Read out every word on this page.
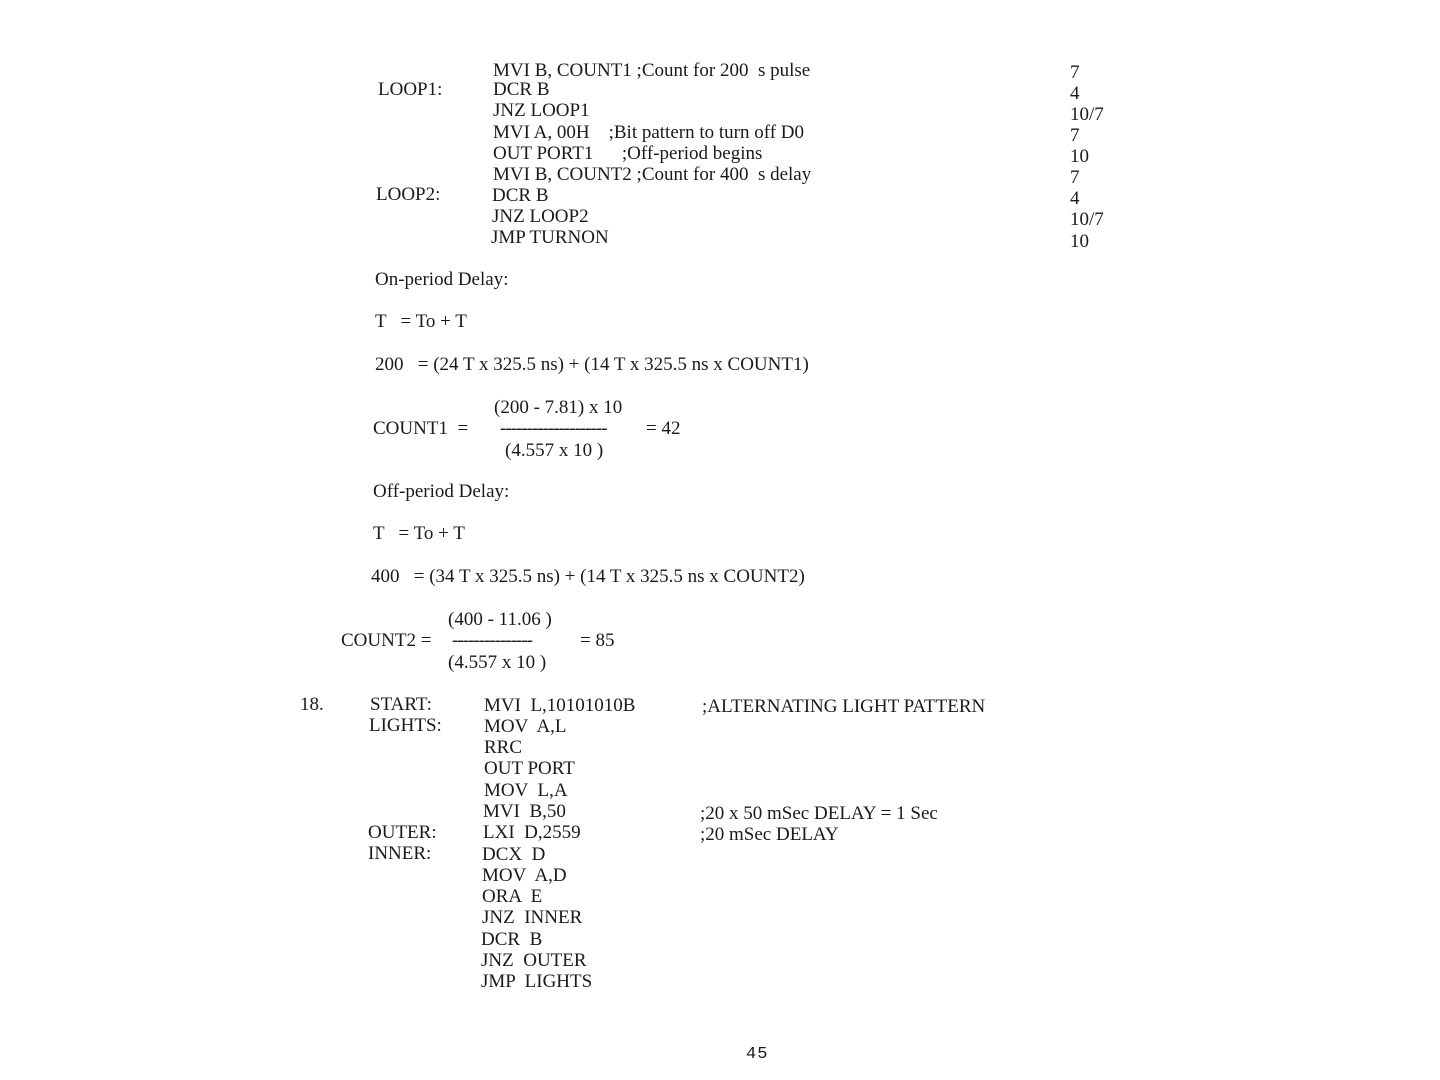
MVI B, COUNT1 ;Count for 200  s pulse	7
LOOP1:	DCR B	4
JNZ LOOP1	10/7
MVI A, 00H    ;Bit pattern to turn off D0	7
OUT PORT1      ;Off-period begins	10
MVI B, COUNT2 ;Count for 400  s delay	7
LOOP2:	DCR B	4
JNZ LOOP2	10/7
JMP TURNON	10
On-period Delay:
T   = To + T
200   = (24 T x 325.5 ns) + (14 T x 325.5 ns x COUNT1)
(200 - 7.81) x 10
COUNT1  = -------------------- = 42
(4.557 x 10 )
Off-period Delay:
T   = To + T
400   = (34 T x 325.5 ns) + (14 T x 325.5 ns x COUNT2)
(400 - 11.06 )
COUNT2 = ---------------	= 85
(4.557 x 10 )
18. START:	MVI  L,10101010B	;ALTERNATING LIGHT PATTERN
LIGHTS: MOV  A,L
RRC
OUT PORT
MOV  L,A
MVI  B,50	;20 x 50 mSec DELAY = 1 Sec
OUTER: LXI  D,2559	;20 mSec DELAY
INNER:	DCX  D
MOV  A,D
ORA  E
JNZ  INNER
DCR  B
JNZ  OUTER
JMP  LIGHTS
45
